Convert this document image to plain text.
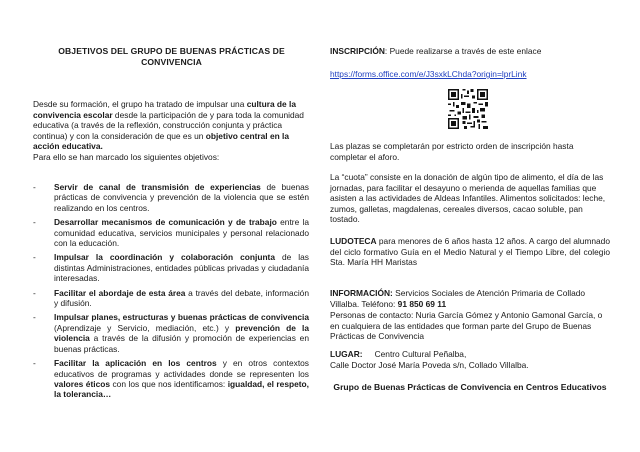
OBJETIVOS DEL GRUPO DE BUENAS PRÁCTICAS DE CONVIVENCIA
Desde su formación, el grupo ha tratado de impulsar una cultura de la convivencia escolar desde la participación de y para toda la comunidad educativa (a través de la reflexión, construcción conjunta y práctica continua) y con la consideración de que es un objetivo central en la acción educativa.
Para ello se han marcado los siguientes objetivos:
- Servir de canal de transmisión de experiencias de buenas prácticas de convivencia y prevención de la violencia que se estén realizando en los centros.
- Desarrollar mecanismos de comunicación y de trabajo entre la comunidad educativa, servicios municipales y personal relacionado con la educación.
- Impulsar la coordinación y colaboración conjunta de las distintas Administraciones, entidades públicas privadas y ciudadanía interesadas.
- Facilitar el abordaje de esta área a través del debate, información y difusión.
- Impulsar planes, estructuras y buenas prácticas de convivencia (Aprendizaje y Servicio, mediación, etc.) y prevención de la violencia a través de la difusión y promoción de experiencias en buenas prácticas.
- Facilitar la aplicación en los centros y en otros contextos educativos de programas y actividades donde se representen los valores éticos con los que nos identificamos: igualdad, el respeto, la tolerancia…
INSCRIPCIÓN: Puede realizarse a través de este enlace
https://forms.office.com/e/J3sxkLChda?origin=lprLink
Las plazas se completarán por estricto orden de inscripción hasta completar el aforo.
La “cuota” consiste en la donación de algún tipo de alimento, el día de las jornadas, para facilitar el desayuno o merienda de aquellas familias que asisten a las actividades de Aldeas Infantiles. Alimentos solicitados: leche, zumos, galletas, magdalenas, cereales diversos, cacao soluble, pan tostado.
LUDOTECA para menores de 6 años hasta 12 años. A cargo del alumnado del ciclo formativo Guía en el Medio Natural y el Tiempo Libre, del colegio Sta. María HH Maristas
INFORMACIÓN: Servicios Sociales de Atención Primaria de Collado Villalba. Teléfono: 91 850 69 11
Personas de contacto: Nuria García Gómez y Antonio Gamonal García, o en cualquiera de las entidades que forman parte del Grupo de Buenas Prácticas de Convivencia
LUGAR: Centro Cultural Peñalba,
Calle Doctor José María Poveda s/n, Collado Villalba.
Grupo de Buenas Prácticas de Convivencia en Centros Educativos
